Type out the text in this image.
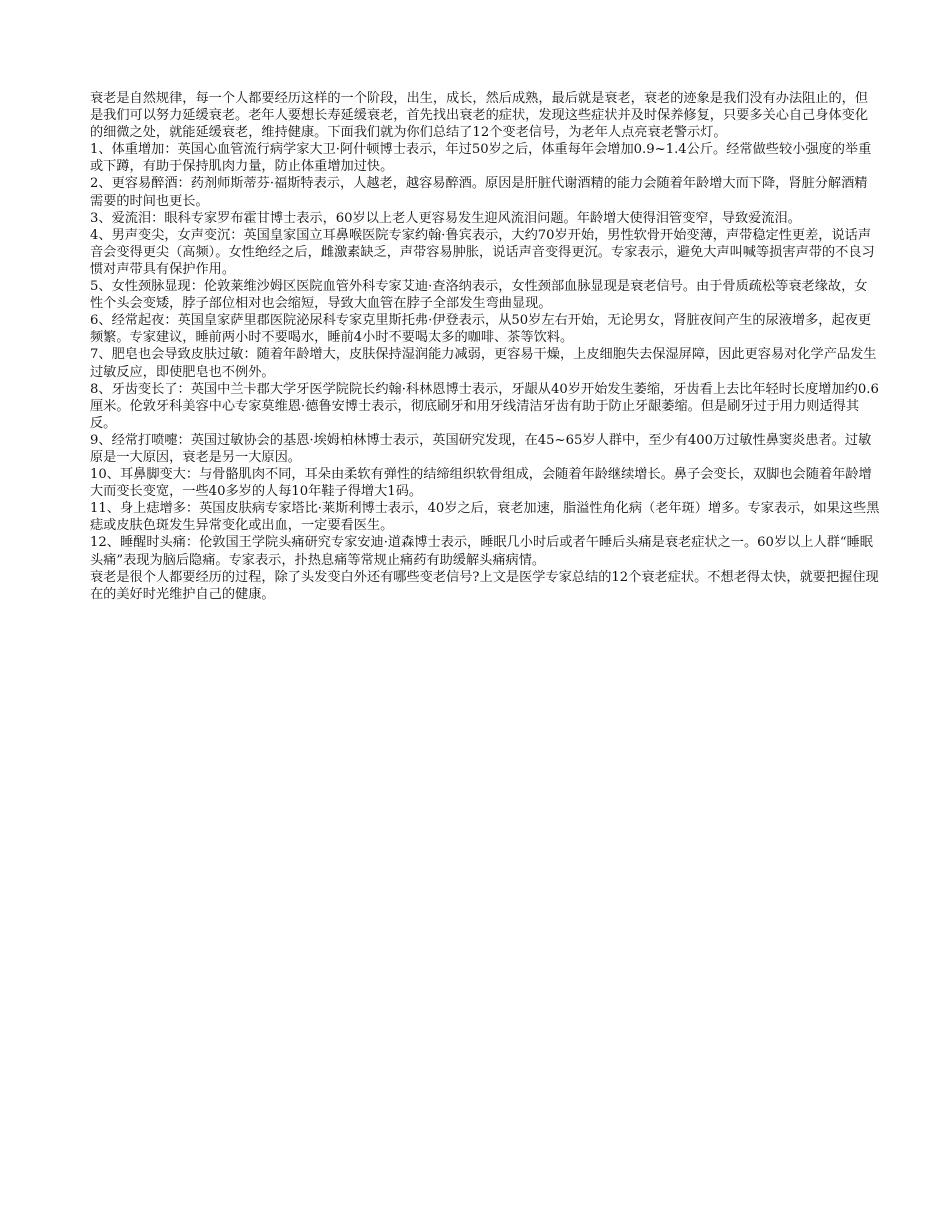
衰老是自然规律，每一个人都要经历这样的一个阶段，出生，成长，然后成熟，最后就是衰老，衰老的迹象是我们没有办法阻止的，但是我们可以努力延缓衰老。老年人要想长寿延缓衰老，首先找出衰老的症状，发现这些症状并及时保养修复，只要多关心自己身体变化的细微之处，就能延缓衰老，维持健康。下面我们就为你们总结了12个变老信号，为老年人点亮衰老警示灯。

1、体重增加：英国心血管流行病学家大卫·阿什顿博士表示，年过50岁之后，体重每年会增加0.9~1.4公斤。经常做些较小强度的举重或下蹲，有助于保持肌肉力量，防止体重增加过快。

2、更容易醉酒：药剂师斯蒂芬·福斯特表示，人越老，越容易醉酒。原因是肝脏代谢酒精的能力会随着年龄增大而下降，肾脏分解酒精需要的时间也更长。

3、爱流泪：眼科专家罗布霍甘博士表示，60岁以上老人更容易发生迎风流泪问题。年龄增大使得泪管变窄，导致爱流泪。

4、男声变尖，女声变沉：英国皇家国立耳鼻喉医院专家约翰·鲁宾表示，大约70岁开始，男性软骨开始变薄，声带稳定性更差，说话声音会变得更尖（高频）。女性绝经之后，雌激素缺乏，声带容易肿胀，说话声音变得更沉。专家表示，避免大声叫喊等损害声带的不良习惯对声带具有保护作用。

5、女性颈脉显现：伦敦莱维沙姆区医院血管外科专家艾迪·查洛纳表示，女性颈部血脉显现是衰老信号。由于骨质疏松等衰老缘故，女性个头会变矮，脖子部位相对也会缩短，导致大血管在脖子全部发生弯曲显现。

6、经常起夜：英国皇家萨里郡医院泌尿科专家克里斯托弗·伊登表示，从50岁左右开始，无论男女，肾脏夜间产生的尿液增多，起夜更频繁。专家建议，睡前两小时不要喝水，睡前4小时不要喝太多的咖啡、茶等饮料。

7、肥皂也会导致皮肤过敏：随着年龄增大，皮肤保持湿润能力减弱，更容易干燥，上皮细胞失去保湿屏障，因此更容易对化学产品发生过敏反应，即使肥皂也不例外。

8、牙齿变长了：英国中兰卡郡大学牙医学院院长约翰·科林恩博士表示，牙龈从40岁开始发生萎缩，牙齿看上去比年轻时长度增加约0.6厘米。伦敦牙科美容中心专家莫维恩·德鲁安博士表示，彻底刷牙和用牙线清洁牙齿有助于防止牙龈萎缩。但是刷牙过于用力则适得其反。

9、经常打喷嚏：英国过敏协会的基恩·埃姆柏林博士表示，英国研究发现，在45~65岁人群中，至少有400万过敏性鼻窦炎患者。过敏原是一大原因，衰老是另一大原因。

10、耳鼻脚变大：与骨骼肌肉不同，耳朵由柔软有弹性的结缔组织软骨组成，会随着年龄继续增长。鼻子会变长，双脚也会随着年龄增大而变长变宽，一些40多岁的人每10年鞋子得增大1码。

11、身上痣增多：英国皮肤病专家塔比·莱斯利博士表示，40岁之后，衰老加速，脂溢性角化病（老年斑）增多。专家表示，如果这些黑痣或皮肤色斑发生异常变化或出血，一定要看医生。

12、睡醒时头痛：伦敦国王学院头痛研究专家安迪·道森博士表示，睡眠几小时后或者午睡后头痛是衰老症状之一。60岁以上人群“睡眠头痛”表现为脑后隐痛。专家表示，扑热息痛等常规止痛药有助缓解头痛病情。

衰老是很个人都要经历的过程，除了头发变白外还有哪些变老信号?上文是医学专家总结的12个衰老症状。不想老得太快，就要把握住现在的美好时光维护自己的健康。
